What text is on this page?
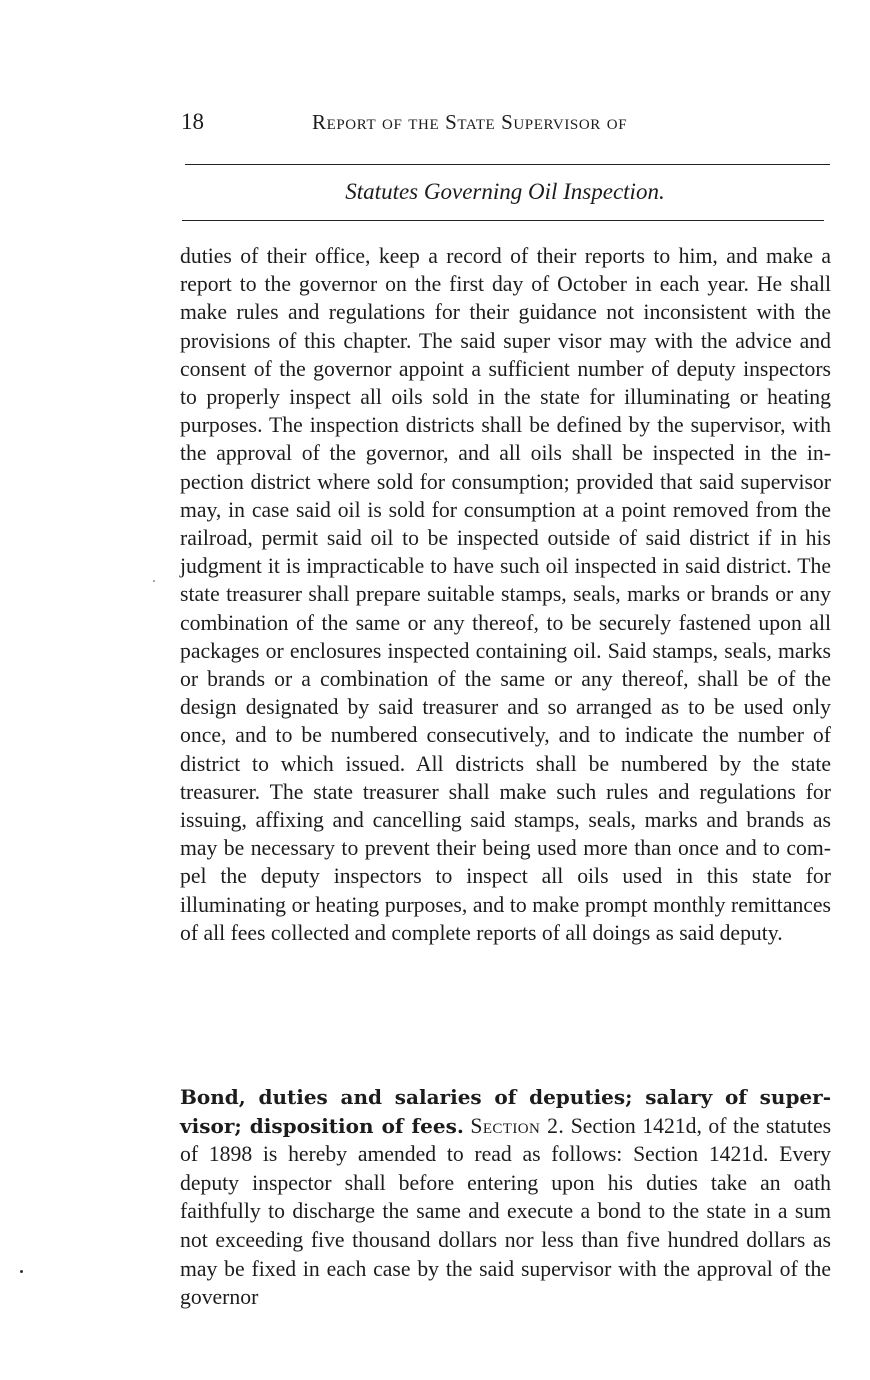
18	Report of the State Supervisor of
Statutes Governing Oil Inspection.

duties of their office, keep a record of their reports to him, and make a report to the governor on the first day of October in each year. He shall make rules and regulations for their guidance not inconsistent with the provisions of this chapter. The said super visor may with the advice and consent of the governor appoint a sufficient number of deputy inspectors to properly inspect all oils sold in the state for illuminating or heating purposes. The inspection districts shall be defined by the supervisor, with the approval of the governor, and all oils shall be inspected in the inpection district where sold for consumption; provided that said supervisor may, in case said oil is sold for consumption at a point removed from the railroad, permit said oil to be inspected outside of said district if in his judgment it is impracticable to have such oil inspected in said district. The state treasurer shall prepare suitable stamps, seals, marks or brands or any combination of the same or any thereof, to be securely fastened upon all packages or enclosures inspected containing oil. Said stamps, seals, marks or brands or a combination of the same or any thereof, shall be of the design designated by said treasurer and so arranged as to be used only once, and to be numbered consecutively, and to indicate the number of district to which issued. All districts shall be numbered by the state treasurer. The state treasurer shall make such rules and regulations for issuing, affixing and cancelling said stamps, seals, marks and brands as may be necessary to prevent their being used more than once and to compel the deputy inspectors to inspect all oils used in this state for illuminating or heating purposes, and to make prompt monthly remittances of all fees collected and complete reports of all doings as said deputy.

Bond, duties and salaries of deputies; salary of supervisor; disposition of fees. Section 2. Section 1421d, of the statutes of 1898 is hereby amended to read as follows: Section 1421d. Every deputy inspector shall before entering upon his duties take an oath faithfully to discharge the same and execute a bond to the state in a sum not exceeding five thousand dollars nor less than five hundred dollars as may be fixed in each case by the said supervisor with the approval of the governor
